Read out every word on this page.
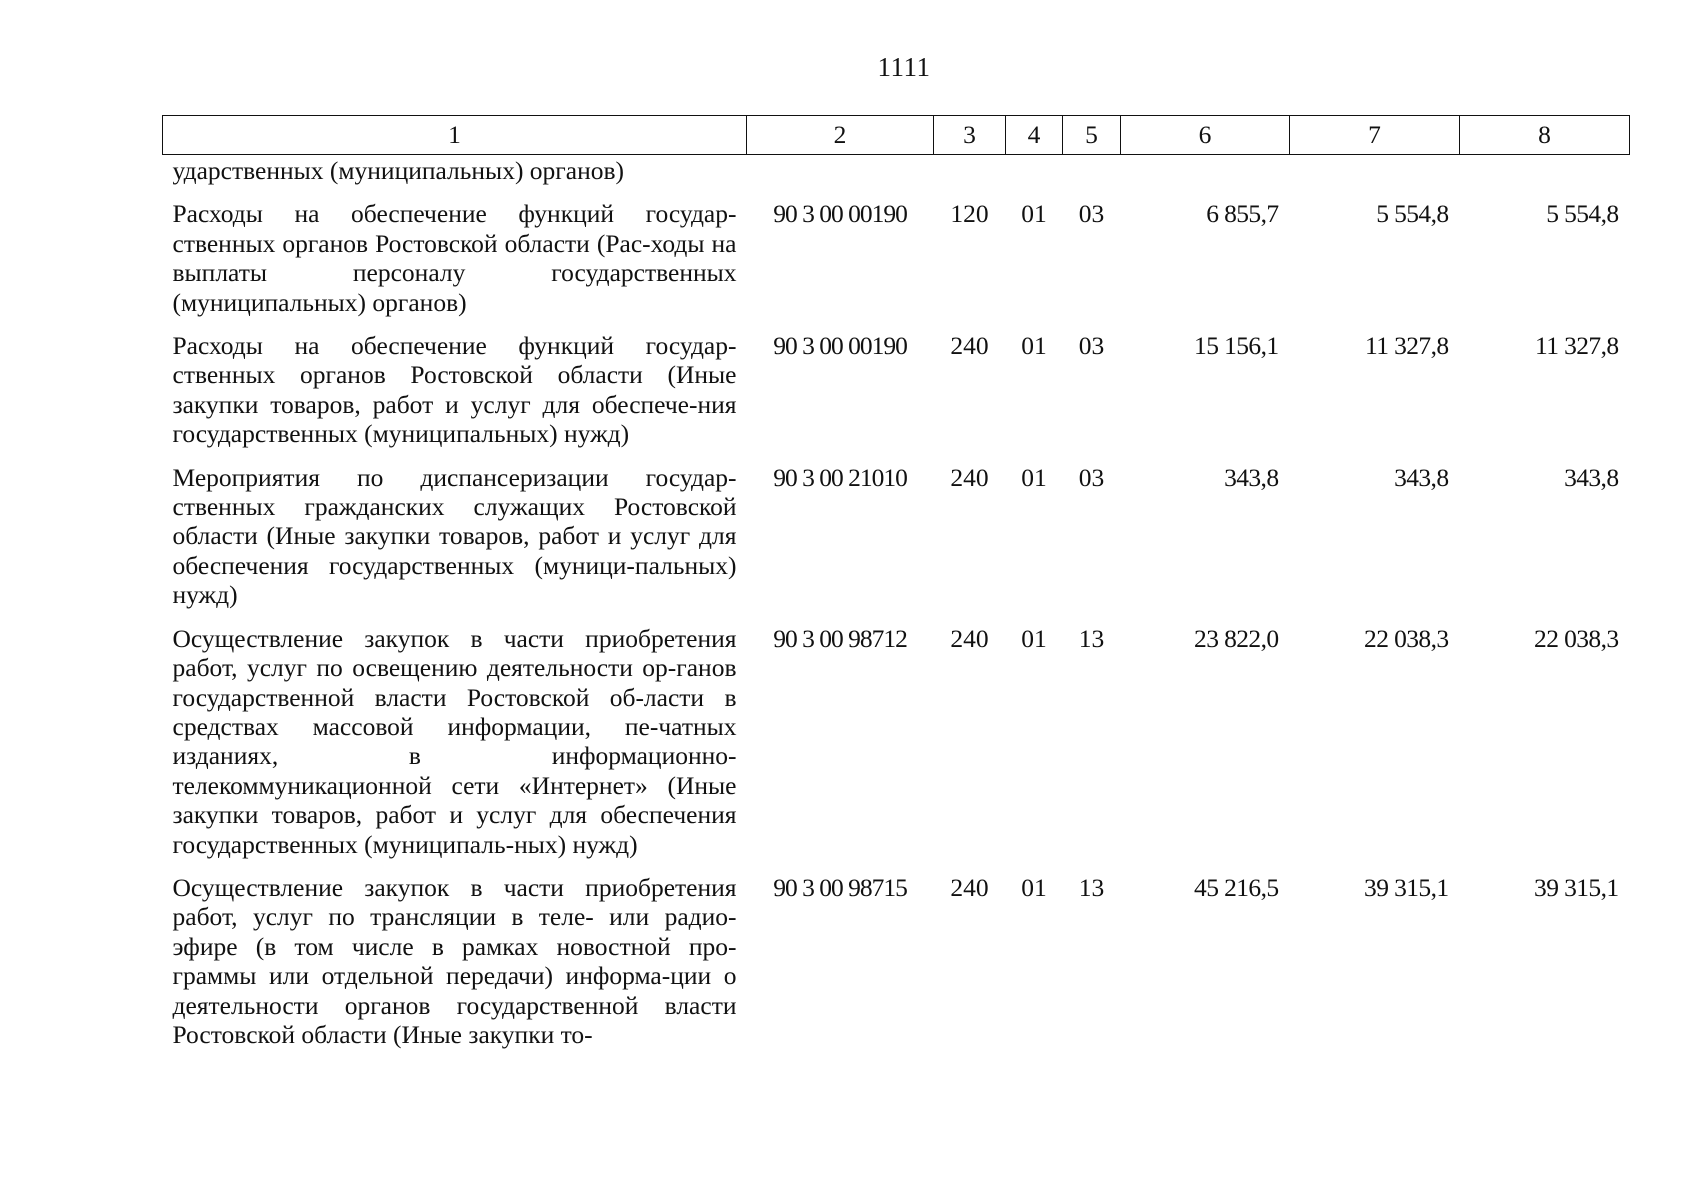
1111
1	2	3	4	5	6	7	8
ударственных (муниципальных) органов)							
Расходы на обеспечение функций государ-ственных органов Ростовской области (Рас-ходы на выплаты персоналу государственных (муниципальных) органов)	90 3 00 00190	120	01	03	6 855,7	5 554,8	5 554,8
Расходы на обеспечение функций государ-ственных органов Ростовской области (Иные закупки товаров, работ и услуг для обеспече-ния государственных (муниципальных) нужд)	90 3 00 00190	240	01	03	15 156,1	11 327,8	11 327,8
Мероприятия по диспансеризации государ-ственных гражданских служащих Ростовской области (Иные закупки товаров, работ и услуг для обеспечения государственных (муници-пальных) нужд)	90 3 00 21010	240	01	03	343,8	343,8	343,8
Осуществление закупок в части приобретения работ, услуг по освещению деятельности ор-ганов государственной власти Ростовской об-ласти в средствах массовой информации, пе-чатных изданиях, в информационно-телекоммуникационной сети «Интернет» (Иные закупки товаров, работ и услуг для обеспечения государственных (муниципаль-ных) нужд)	90 3 00 98712	240	01	13	23 822,0	22 038,3	22 038,3
Осуществление закупок в части приобретения работ, услуг по трансляции в теле- или радио-эфире (в том числе в рамках новостной про-граммы или отдельной передачи) информа-ции о деятельности органов государственной власти Ростовской области (Иные закупки то-	90 3 00 98715	240	01	13	45 216,5	39 315,1	39 315,1
